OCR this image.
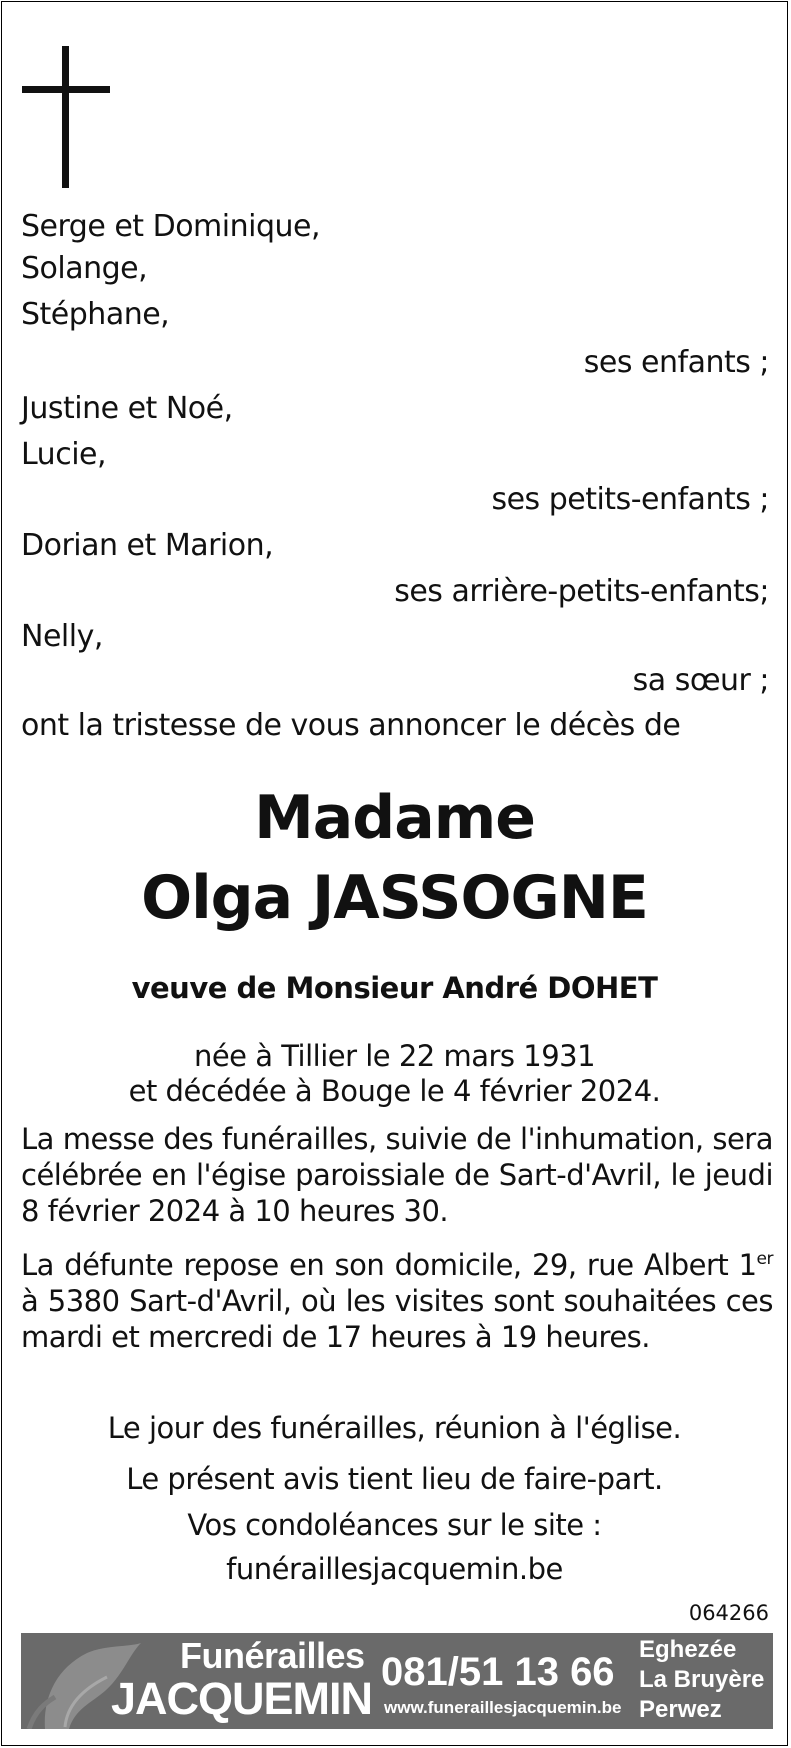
Serge et Dominique,
Solange,
Stéphane,
ses enfants ;
Justine et Noé,
Lucie,
ses petits-enfants ;
Dorian et Marion,
ses arrière-petits-enfants;
Nelly,
sa sœur ;
ont la tristesse de vous annoncer le décès de
Madame
Olga JASSOGNE
veuve de Monsieur André DOHET
née à Tillier le 22 mars 1931
et décédée à Bouge le 4 février 2024.
La messe des funérailles, suivie de l'inhumation, sera célébrée en l'égise paroissiale de Sart-d'Avril, le jeudi 8 février 2024 à 10 heures 30.
La défunte repose en son domicile, 29, rue Albert 1er à 5380 Sart-d'Avril, où les visites sont souhaitées ces mardi et mercredi de 17 heures à 19 heures.
Le jour des funérailles, réunion à l'église.
Le présent avis tient lieu de faire-part.
Vos condoléances sur le site :
funéraillesjacquemin.be
064266
Funérailles
JACQUEMIN
081/51 13 66
www.funeraillesjacquemin.be
Eghezée
La Bruyère
Perwez
